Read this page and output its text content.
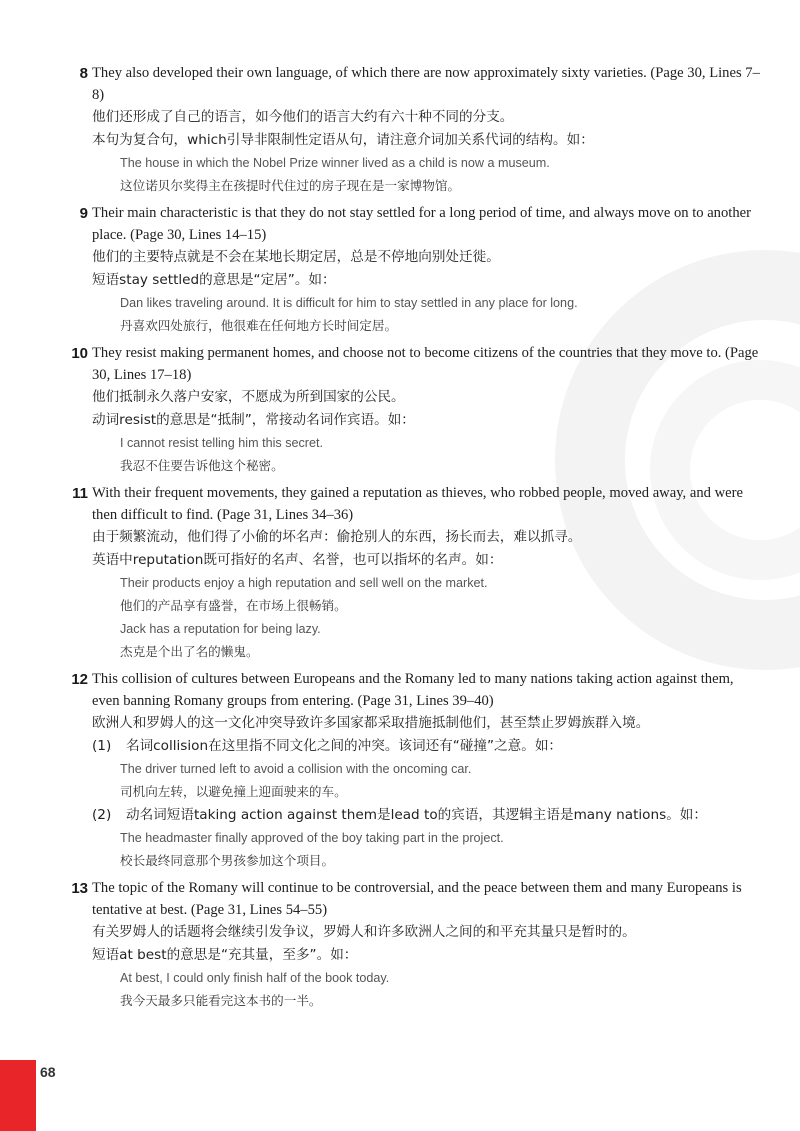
8 They also developed their own language, of which there are now approximately sixty varieties. (Page 30, Lines 7–8)

他们还形成了自己的语言，如今他们的语言大约有六十种不同的分支。

本句为复合句，which引导非限制性定语从句，请注意介词加关系代词的结构。如：

The house in which the Nobel Prize winner lived as a child is now a museum.

这位诺贝尔奖得主在孩提时代住过的房子现在是一家博物馆。

9 Their main characteristic is that they do not stay settled for a long period of time, and always move on to another place. (Page 30, Lines 14–15)

他们的主要特点就是不会在某地长期定居，总是不停地向别处迁徙。

短语stay settled的意思是“定居”。如：

Dan likes traveling around. It is difficult for him to stay settled in any place for long.

丹喜欢四处旅行，他很难在任何地方长时间定居。

10 They resist making permanent homes, and choose not to become citizens of the countries that they move to. (Page 30, Lines 17–18)

他们抵制永久落户安家，不愿成为所到国家的公民。

动词resist的意思是“抵制”，常接动名词作宾语。如：

I cannot resist telling him this secret.

我忍不住要告诉他这个秘密。

11 With their frequent movements, they gained a reputation as thieves, who robbed people, moved away, and were then difficult to find. (Page 31, Lines 34–36)

由于频繁流动，他们得了小偷的坏名声：偷抢别人的东西，扬长而去，难以抓寻。

英语中reputation既可指好的名声、名誉，也可以指坏的名声。如：

Their products enjoy a high reputation and sell well on the market.

他们的产品享有盛誉，在市场上很畅销。

Jack has a reputation for being lazy.

杰克是个出了名的懒鬼。

12 This collision of cultures between Europeans and the Romany led to many nations taking action against them, even banning Romany groups from entering. (Page 31, Lines 39–40)

欧洲人和罗姆人的这一文化冲突导致许多国家都采取措施抵制他们，甚至禁止罗姆族群入境。

(1) 名词collision在这里指不同文化之间的冲突。该词还有“碰撞”之意。如：

The driver turned left to avoid a collision with the oncoming car.

司机向左转，以避免撞上迎面驶来的车。

(2) 动名词短语taking action against them是lead to的宾语，其逻辑主语是many nations。如：

The headmaster finally approved of the boy taking part in the project.

校长最终同意那个男孩参加这个项目。

13 The topic of the Romany will continue to be controversial, and the peace between them and many Europeans is tentative at best. (Page 31, Lines 54–55)

有关罗姆人的话题将会继续引发争议，罗姆人和许多欧洲人之间的和平充其量只是暂时的。

短语at best的意思是“充其量，至多”。如：

At best, I could only finish half of the book today.

我今天最多只能看完这本书的一半。

68
